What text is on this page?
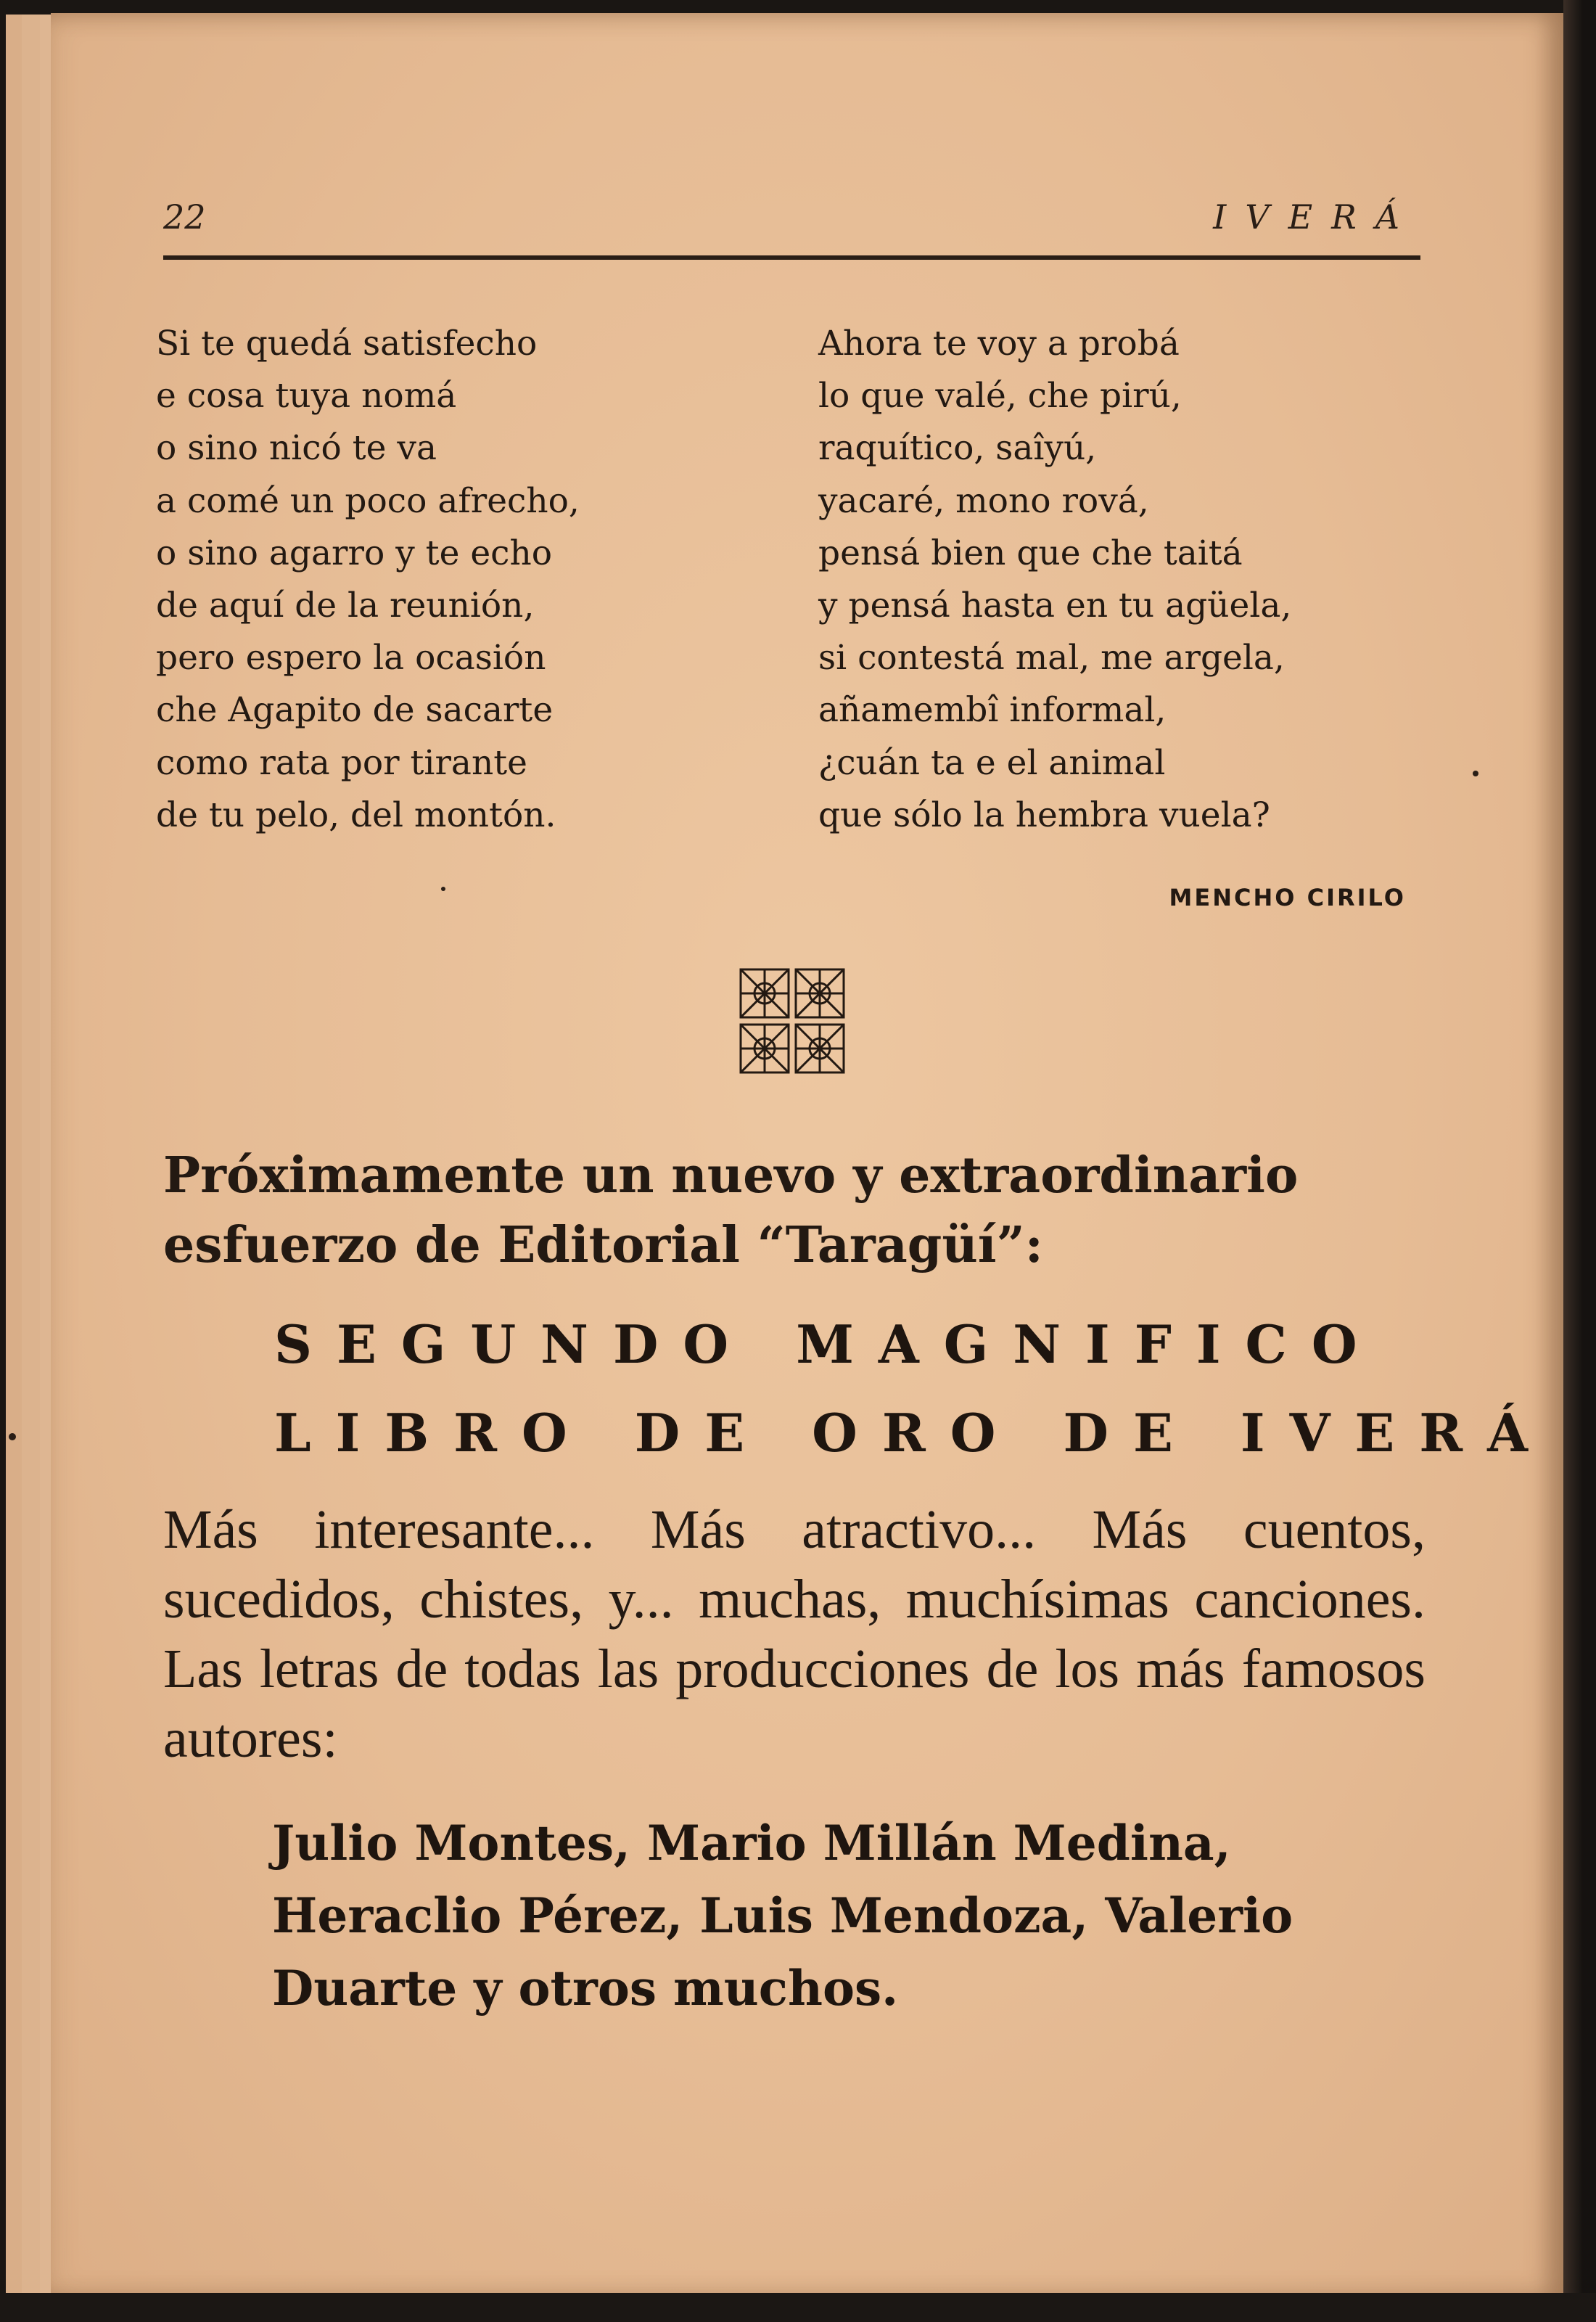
22	IVERÁ
Si te quedá satisfecho
e cosa tuya nomá
o sino nicó te va
a comé un poco afrecho,
o sino agarro y te echo
de aquí de la reunión,
pero espero la ocasión
che Agapito de sacarte
como rata por tirante
de tu pelo, del montón.
Ahora te voy a probá
lo que valé, che pirú,
raquítico, saîyú,
yacaré, mono rová,
pensá bien que che taitá
y pensá hasta en tu agüela,
si contestá mal, me argela,
añamembî informal,
¿cuán ta e el animal
que sólo la hembra vuela?
MENCHO CIRILO
Próximamente un nuevo y extraordinario esfuerzo de Editorial “Taragüí”:
SEGUNDO MAGNIFICO
LIBRO DE ORO DE IVERÁ
Más interesante... Más atractivo... Más cuentos, sucedidos, chistes, y... muchas, muchísimas canciones. Las letras de todas las producciones de los más famosos autores:
Julio Montes, Mario Millán Medina, Heraclio Pérez, Luis Mendoza, Valerio Duarte y otros muchos.
